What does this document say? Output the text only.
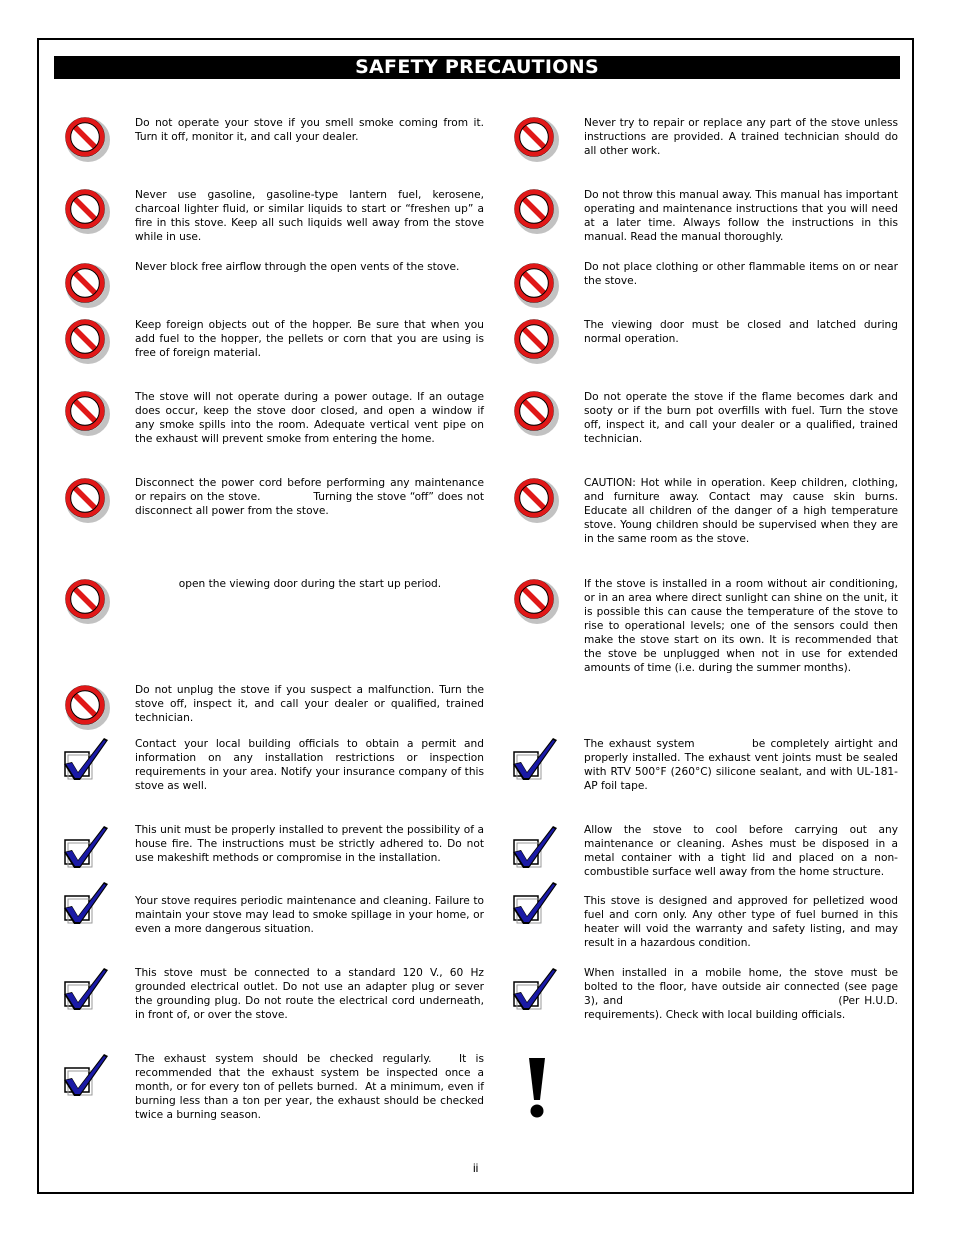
SAFETY PRECAUTIONS
Do not operate your stove if you smell smoke coming from it. Turn it off, monitor it, and call your dealer.
Never use gasoline, gasoline-type lantern fuel, kerosene, charcoal lighter fluid, or similar liquids to start or “freshen up” a fire in this stove. Keep all such liquids well away from the stove while in use.
Never block free airflow through the open vents of the stove.
Keep foreign objects out of the hopper. Be sure that when you add fuel to the hopper, the pellets or corn that you are using is free of foreign material.
The stove will not operate during a power outage. If an outage does occur, keep the stove door closed, and open a window if any smoke spills into the room. Adequate vertical vent pipe on the exhaust will prevent smoke from entering the home.
Disconnect the power cord before performing any maintenance or repairs on the stove.              Turning the stove “off” does not disconnect all power from the stove.
open the viewing door during the start up period.
Do not unplug the stove if you suspect a malfunction. Turn the stove off, inspect it, and call your dealer or qualified, trained technician.
Contact your local building officials to obtain a permit and information on any installation restrictions or inspection requirements in your area. Notify your insurance company of this stove as well.
This unit must be properly installed to prevent the possibility of a house fire. The instructions must be strictly adhered to. Do not use makeshift methods or compromise in the installation.
Your stove requires periodic maintenance and cleaning. Failure to maintain your stove may lead to smoke spillage in your home, or even a more dangerous situation.
This stove must be connected to a standard 120 V., 60 Hz grounded electrical outlet. Do not use an adapter plug or sever the grounding plug. Do not route the electrical cord underneath, in front of, or over the stove.
The exhaust system should be checked regularly.   It is recommended that the exhaust system be inspected once a month, or for every ton of pellets burned.  At a minimum, even if burning less than a ton per year, the exhaust should be checked twice a burning season.
Never try to repair or replace any part of the stove unless instructions are provided. A trained technician should do all other work.
Do not throw this manual away. This manual has important operating and maintenance instructions that you will need at a later time. Always follow the instructions in this manual. Read the manual thoroughly.
Do not place clothing or other flammable items on or near the stove.
The viewing door must be closed and latched during normal operation.
Do not operate the stove if the flame becomes dark and sooty or if the burn pot overfills with fuel. Turn the stove off, inspect it, and call your dealer or a qualified, trained technician.
CAUTION: Hot while in operation. Keep children, clothing, and furniture away. Contact may cause skin burns. Educate all children of the danger of a high temperature stove. Young children should be supervised when they are in the same room as the stove.
If the stove is installed in a room without air conditioning, or in an area where direct sunlight can shine on the unit, it is possible this can cause the temperature of the stove to rise to operational levels; one of the sensors could then make the stove start on its own. It is recommended that the stove be unplugged when not in use for extended amounts of time (i.e. during the summer months).
The exhaust system           be completely airtight and properly installed. The exhaust vent joints must be sealed with RTV 500°F (260°C) silicone sealant, and with UL-181-AP foil tape.
Allow the stove to cool before carrying out any maintenance or cleaning. Ashes must be disposed in a metal container with a tight lid and placed on a non-combustible surface well away from the home structure.
This stove is designed and approved for pelletized wood fuel and corn only. Any other type of fuel burned in this heater will void the warranty and safety listing, and may result in a hazardous condition.
When installed in a mobile home, the stove must be bolted to the floor, have outside air connected (see page 3), and                                             (Per H.U.D. requirements). Check with local building officials.
ii
